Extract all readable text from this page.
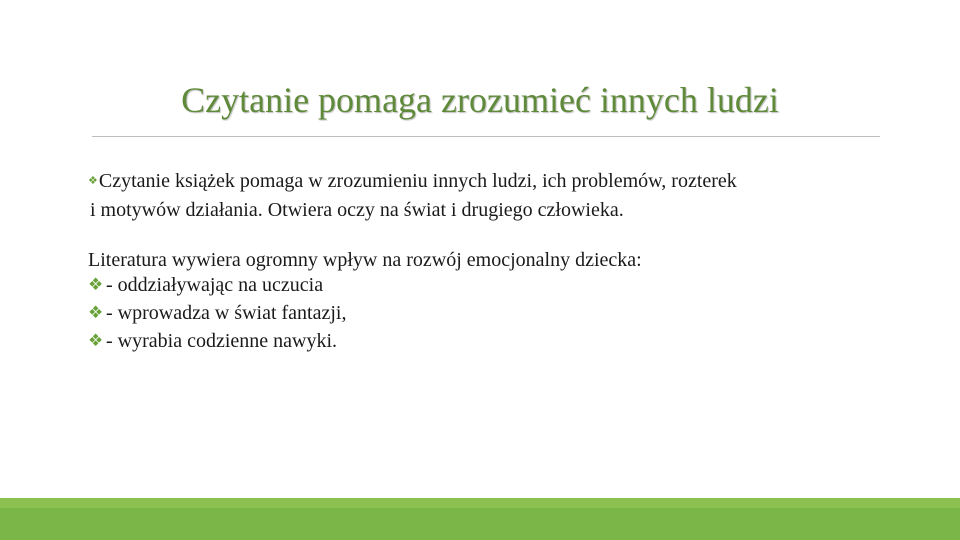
Czytanie pomaga zrozumieć innych ludzi

❖Czytanie książek pomaga w zrozumieniu innych ludzi, ich problemów, rozterek
i motywów działania. Otwiera oczy na świat i drugiego człowieka.

Literatura wywiera ogromny wpływ na rozwój emocjonalny dziecka:

❖ - oddziaływając na uczucia
❖ - wprowadza w świat fantazji,
❖ - wyrabia codzienne nawyki.
